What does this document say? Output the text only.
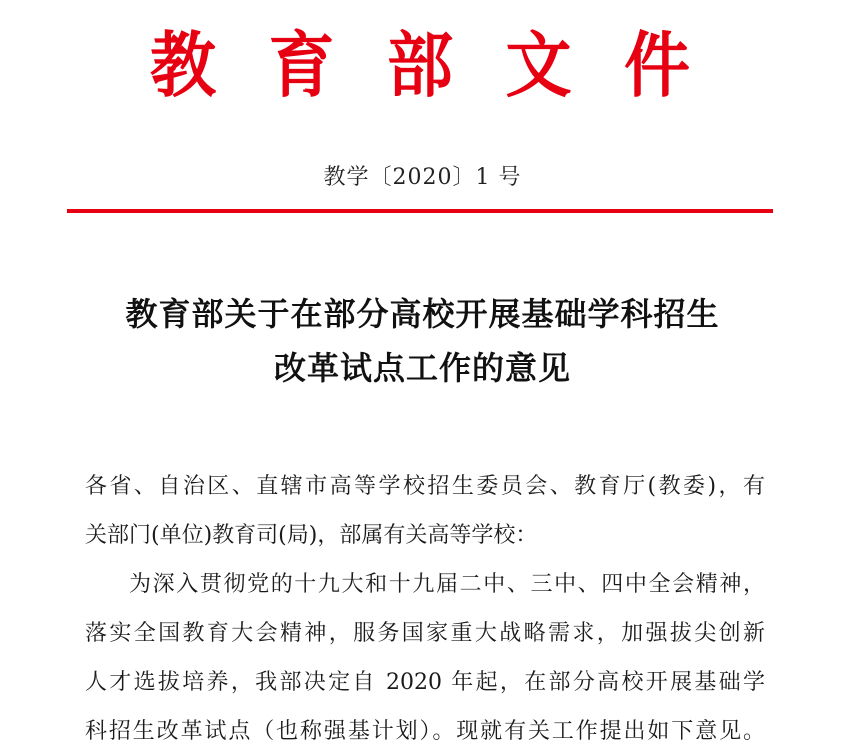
教 育 部 文 件
教学〔2020〕1 号
教育部关于在部分高校开展基础学科招生
改革试点工作的意见
各省、自治区、直辖市高等学校招生委员会、教育厅(教委)，有
关部门(单位)教育司(局)，部属有关高等学校：
为深入贯彻党的十九大和十九届二中、三中、四中全会精神，
落实全国教育大会精神，服务国家重大战略需求，加强拔尖创新
人才选拔培养，我部决定自 2020 年起，在部分高校开展基础学
科招生改革试点（也称强基计划）。现就有关工作提出如下意见。
